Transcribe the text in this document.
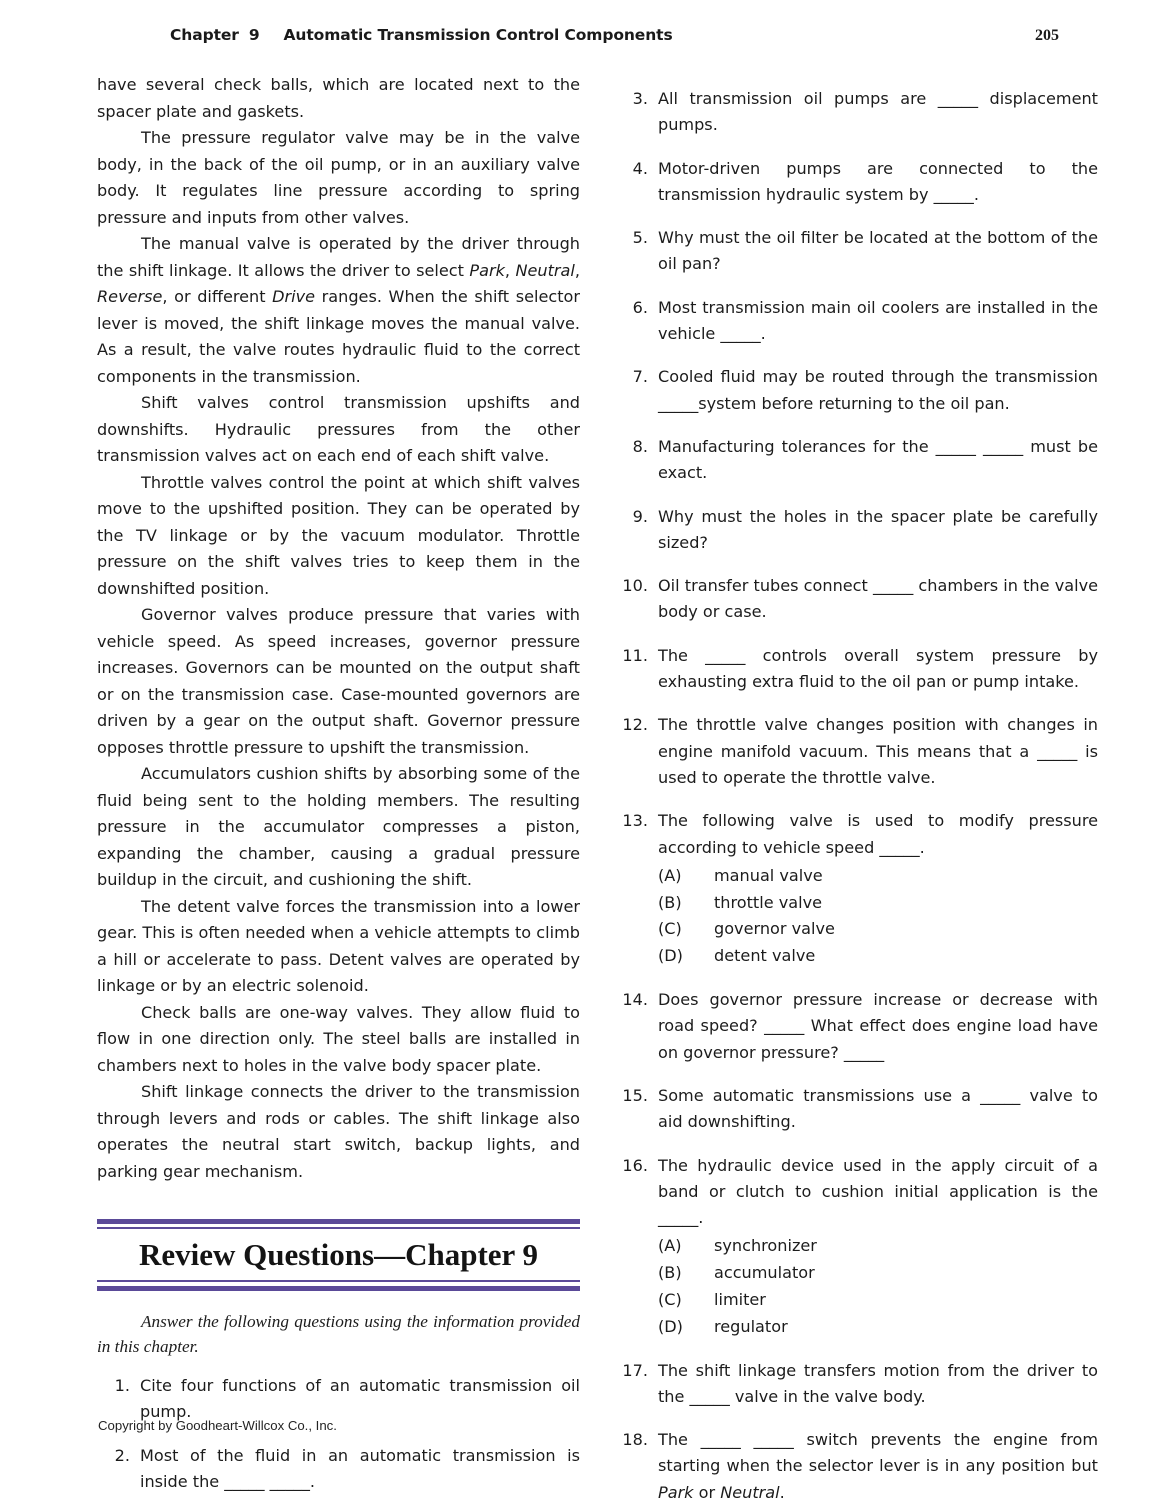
Chapter 9 Automatic Transmission Control Components	205

have several check balls, which are located next to the spacer plate and gaskets.

The pressure regulator valve may be in the valve body, in the back of the oil pump, or in an auxiliary valve body. It regulates line pressure according to spring pressure and inputs from other valves.

The manual valve is operated by the driver through the shift linkage. It allows the driver to select Park, Neutral, Reverse, or different Drive ranges. When the shift selector lever is moved, the shift linkage moves the manual valve. As a result, the valve routes hydraulic fluid to the correct components in the transmission.

Shift valves control transmission upshifts and downshifts. Hydraulic pressures from the other transmission valves act on each end of each shift valve.

Throttle valves control the point at which shift valves move to the upshifted position. They can be operated by the TV linkage or by the vacuum modulator. Throttle pressure on the shift valves tries to keep them in the downshifted position.

Governor valves produce pressure that varies with vehicle speed. As speed increases, governor pressure increases. Governors can be mounted on the output shaft or on the transmission case. Case-mounted governors are driven by a gear on the output shaft. Governor pressure opposes throttle pressure to upshift the transmission.

Accumulators cushion shifts by absorbing some of the fluid being sent to the holding members. The resulting pressure in the accumulator compresses a piston, expanding the chamber, causing a gradual pressure buildup in the circuit, and cushioning the shift.

The detent valve forces the transmission into a lower gear. This is often needed when a vehicle attempts to climb a hill or accelerate to pass. Detent valves are operated by linkage or by an electric solenoid.

Check balls are one-way valves. They allow fluid to flow in one direction only. The steel balls are installed in chambers next to holes in the valve body spacer plate.

Shift linkage connects the driver to the transmission through levers and rods or cables. The shift linkage also operates the neutral start switch, backup lights, and parking gear mechanism.

Review Questions—Chapter 9

Answer the following questions using the information provided in this chapter.

1. Cite four functions of an automatic transmission oil pump.
2. Most of the fluid in an automatic transmission is inside the _____ _____.
3. All transmission oil pumps are _____ displacement pumps.
4. Motor-driven pumps are connected to the transmission hydraulic system by _____.
5. Why must the oil filter be located at the bottom of the oil pan?
6. Most transmission main oil coolers are installed in the vehicle _____.
7. Cooled fluid may be routed through the transmission _____system before returning to the oil pan.
8. Manufacturing tolerances for the _____ _____ must be exact.
9. Why must the holes in the spacer plate be carefully sized?
10. Oil transfer tubes connect _____ chambers in the valve body or case.
11. The _____ controls overall system pressure by exhausting extra fluid to the oil pan or pump intake.
12. The throttle valve changes position with changes in engine manifold vacuum. This means that a _____ is used to operate the throttle valve.
13. The following valve is used to modify pressure according to vehicle speed _____.
(A)	manual valve
(B)	throttle valve
(C)	governor valve
(D)	detent valve
14. Does governor pressure increase or decrease with road speed? _____ What effect does engine load have on governor pressure? _____
15. Some automatic transmissions use a _____ valve to aid downshifting.
16. The hydraulic device used in the apply circuit of a band or clutch to cushion initial application is the _____.
(A)	synchronizer
(B)	accumulator
(C)	limiter
(D)	regulator
17. The shift linkage transfers motion from the driver to the _____ valve in the valve body.
18. The _____ _____ switch prevents the engine from starting when the selector lever is in any position but Park or Neutral.
Copyright by Goodheart-Willcox Co., Inc.
